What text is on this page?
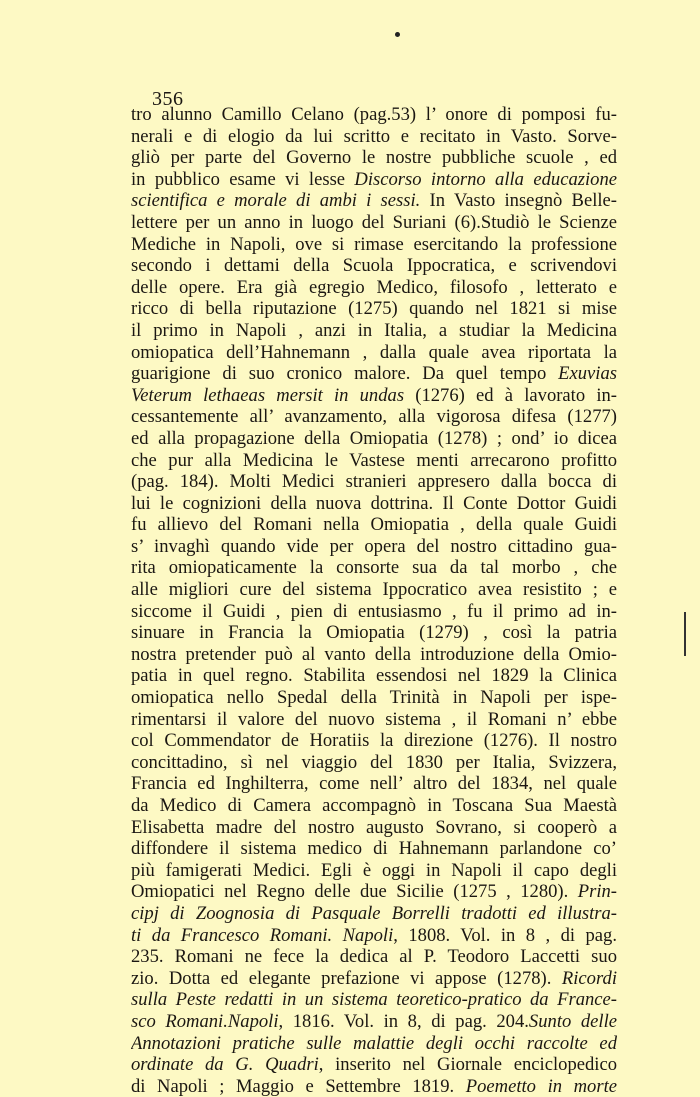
356
tro alunno Camillo Celano (pag.53) l’ onore di pomposi fu-
nerali e di elogio da lui scritto e recitato in Vasto. Sorve-
gliò per parte del Governo le nostre pubbliche scuole , ed
in pubblico esame vi lesse Discorso intorno alla educazione
scientifica e morale di ambi i sessi. In Vasto insegnò Belle-
lettere per un anno in luogo del Suriani (6).Studiò le Scienze
Mediche in Napoli, ove si rimase esercitando la professione
secondo i dettami della Scuola Ippocratica, e scrivendovi
delle opere. Era già egregio Medico, filosofo , letterato e
ricco di bella riputazione (1275) quando nel 1821 si mise
il primo in Napoli , anzi in Italia, a studiar la Medicina
omiopatica dell’Hahnemann , dalla quale avea riportata la
guarigione di suo cronico malore. Da quel tempo Exuvias
Veterum lethaeas mersit in undas (1276) ed à lavorato in-
cessantemente all’ avanzamento, alla vigorosa difesa (1277)
ed alla propagazione della Omiopatia (1278) ; ond’ io dicea
che pur alla Medicina le Vastese menti arrecarono profitto
(pag. 184). Molti Medici stranieri appresero dalla bocca di
lui le cognizioni della nuova dottrina. Il Conte Dottor Guidi
fu allievo del Romani nella Omiopatia , della quale Guidi
s’ invaghì quando vide per opera del nostro cittadino gua-
rita omiopaticamente la consorte sua da tal morbo , che
alle migliori cure del sistema Ippocratico avea resistito ; e
siccome il Guidi , pien di entusiasmo , fu il primo ad in-
sinuare in Francia la Omiopatia (1279) , così la patria
nostra pretender può al vanto della introduzione della Omio-
patia in quel regno. Stabilita essendosi nel 1829 la Clinica
omiopatica nello Spedal della Trinità in Napoli per ispe-
rimentarsi il valore del nuovo sistema , il Romani n’ ebbe
col Commendator de Horatiis la direzione (1276). Il nostro
concittadino, sì nel viaggio del 1830 per Italia, Svizzera,
Francia ed Inghilterra, come nell’ altro del 1834, nel quale
da Medico di Camera accompagnò in Toscana Sua Maestà
Elisabetta madre del nostro augusto Sovrano, si cooperò a
diffondere il sistema medico di Hahnemann parlandone co’
più famigerati Medici. Egli è oggi in Napoli il capo degli
Omiopatici nel Regno delle due Sicilie (1275 , 1280). Prin-
cipj di Zoognosia di Pasquale Borrelli tradotti ed illustra-
ti da Francesco Romani. Napoli, 1808. Vol. in 8 , di pag.
235. Romani ne fece la dedica al P. Teodoro Laccetti suo
zio. Dotta ed elegante prefazione vi appose (1278). Ricordi
sulla Peste redatti in un sistema teoretico-pratico da France-
sco Romani.Napoli, 1816. Vol. in 8, di pag. 204.Sunto delle
Annotazioni pratiche sulle malattie degli occhi raccolte ed
ordinate da G. Quadri, inserito nel Giornale enciclopedico
di Napoli ; Maggio e Settembre 1819. Poemetto in morte
